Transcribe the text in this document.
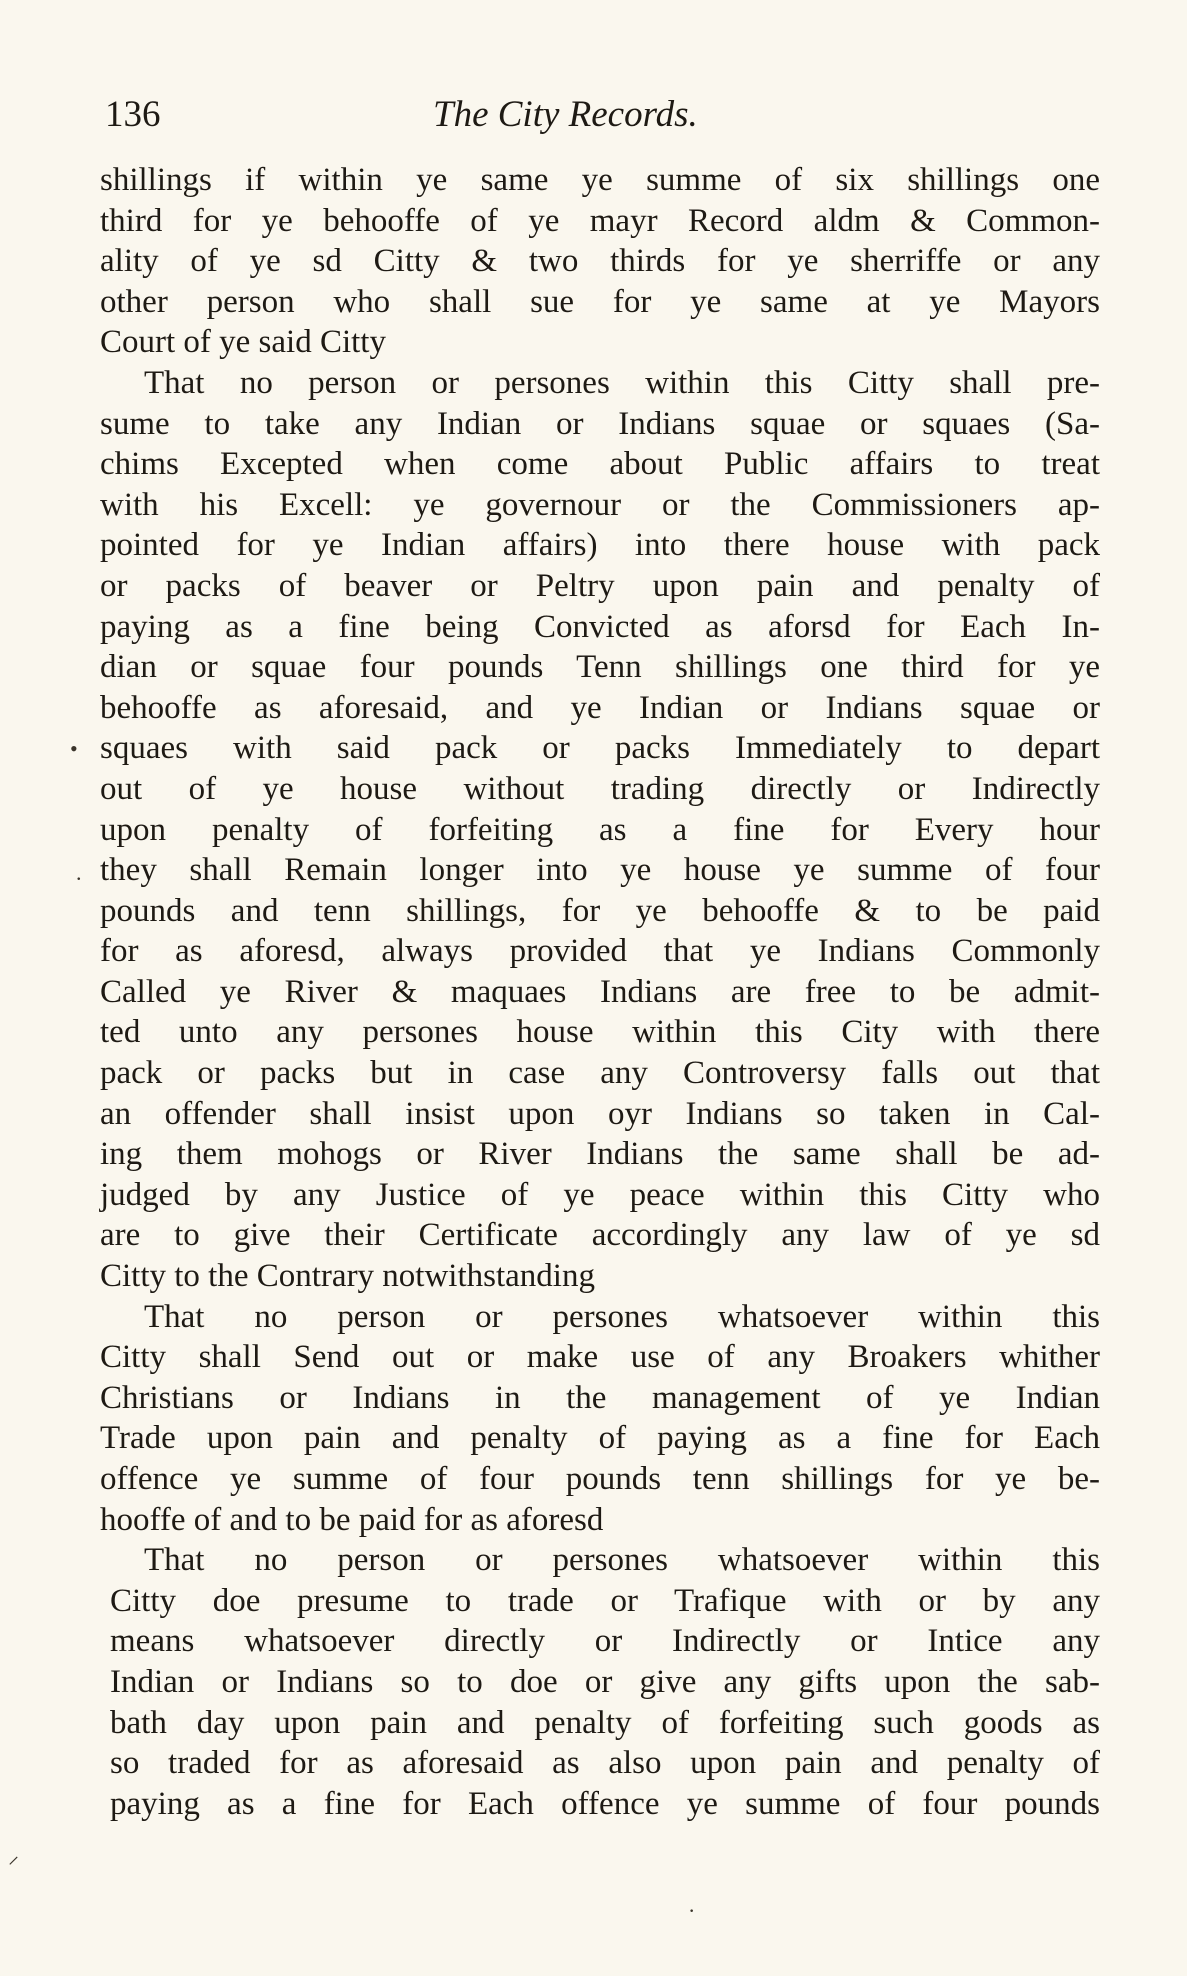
136	The City Records.
shillings if within ye same ye summe of six shillings one
third for ye behooffe of ye mayr Record aldm & Common-
ality of ye sd Citty & two thirds for ye sherriffe or any
other person who shall sue for ye same at ye Mayors
Court of ye said Citty
That no person or persones within this Citty shall pre-
sume to take any Indian or Indians squae or squaes (Sa-
chims Excepted when come about Public affairs to treat
with his Excell: ye governour or the Commissioners ap-
pointed for ye Indian affairs) into there house with pack
or packs of beaver or Peltry upon pain and penalty of
paying as a fine being Convicted as aforsd for Each In-
dian or squae four pounds Tenn shillings one third for ye
behooffe as aforesaid, and ye Indian or Indians squae or
squaes with said pack or packs Immediately to depart
out of ye house without trading directly or Indirectly
upon penalty of forfeiting as a fine for Every hour
they shall Remain longer into ye house ye summe of four
pounds and tenn shillings, for ye behooffe & to be paid
for as aforesd, always provided that ye Indians Commonly
Called ye River & maquaes Indians are free to be admit-
ted unto any persones house within this City with there
pack or packs but in case any Controversy falls out that
an offender shall insist upon oyr Indians so taken in Cal-
ing them mohogs or River Indians the same shall be ad-
judged by any Justice of ye peace within this Citty who
are to give their Certificate accordingly any law of ye sd
Citty to the Contrary notwithstanding
That no person or persones whatsoever within this
Citty shall Send out or make use of any Broakers whither
Christians or Indians in the management of ye Indian
Trade upon pain and penalty of paying as a fine for Each
offence ye summe of four pounds tenn shillings for ye be-
hooffe of and to be paid for as aforesd
That no person or persones whatsoever within this
Citty doe presume to trade or Trafique with or by any
means whatsoever directly or Indirectly or Intice any
Indian or Indians so to doe or give any gifts upon the sab-
bath day upon pain and penalty of forfeiting such goods as
so traded for as aforesaid as also upon pain and penalty of
paying as a fine for Each offence ye summe of four pounds
•
.
⸝
·
